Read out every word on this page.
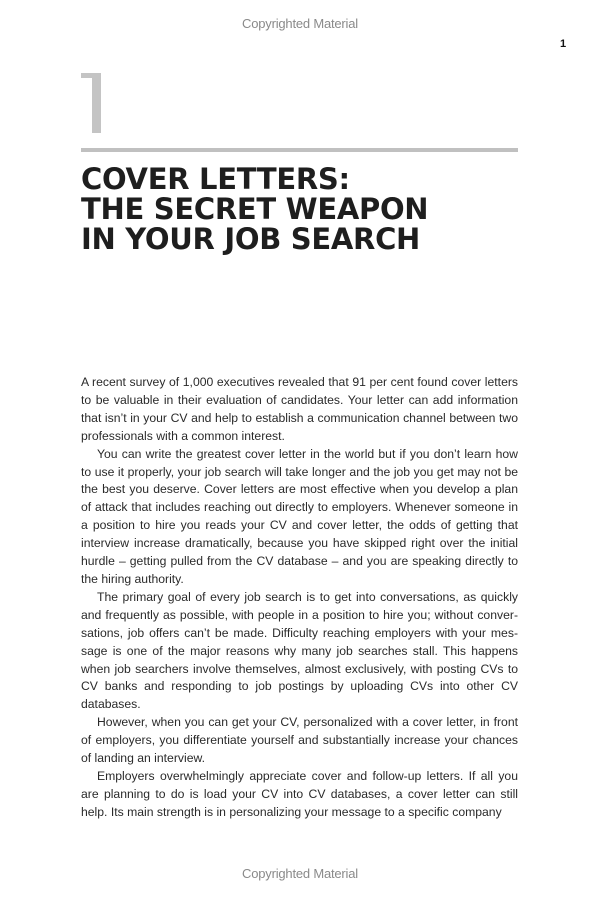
Copyrighted Material
1
COVER LETTERS:
THE SECRET WEAPON
IN YOUR JOB SEARCH

A recent survey of 1,000 executives revealed that 91 per cent found cover letters to be valuable in their evaluation of candidates. Your letter can add information that isn’t in your CV and help to establish a communication channel between two professionals with a common interest.

You can write the greatest cover letter in the world but if you don’t learn how to use it properly, your job search will take longer and the job you get may not be the best you deserve. Cover letters are most effective when you develop a plan of attack that includes reaching out directly to employers. Whenever someone in a position to hire you reads your CV and cover letter, the odds of getting that interview increase dramatically, because you have skipped right over the initial hurdle – getting pulled from the CV database – and you are speaking directly to the hiring authority.

The primary goal of every job search is to get into conversations, as quickly and frequently as possible, with people in a position to hire you; without conversations, job offers can’t be made. Difficulty reaching employers with your message is one of the major reasons why many job searches stall. This happens when job searchers involve themselves, almost exclusively, with posting CVs to CV banks and responding to job postings by uploading CVs into other CV databases.

However, when you can get your CV, personalized with a cover letter, in front of employers, you differentiate yourself and substantially increase your chances of landing an interview.

Employers overwhelmingly appreciate cover and follow-up letters. If all you are planning to do is load your CV into CV databases, a cover letter can still help. Its main strength is in personalizing your message to a specific company

Copyrighted Material
